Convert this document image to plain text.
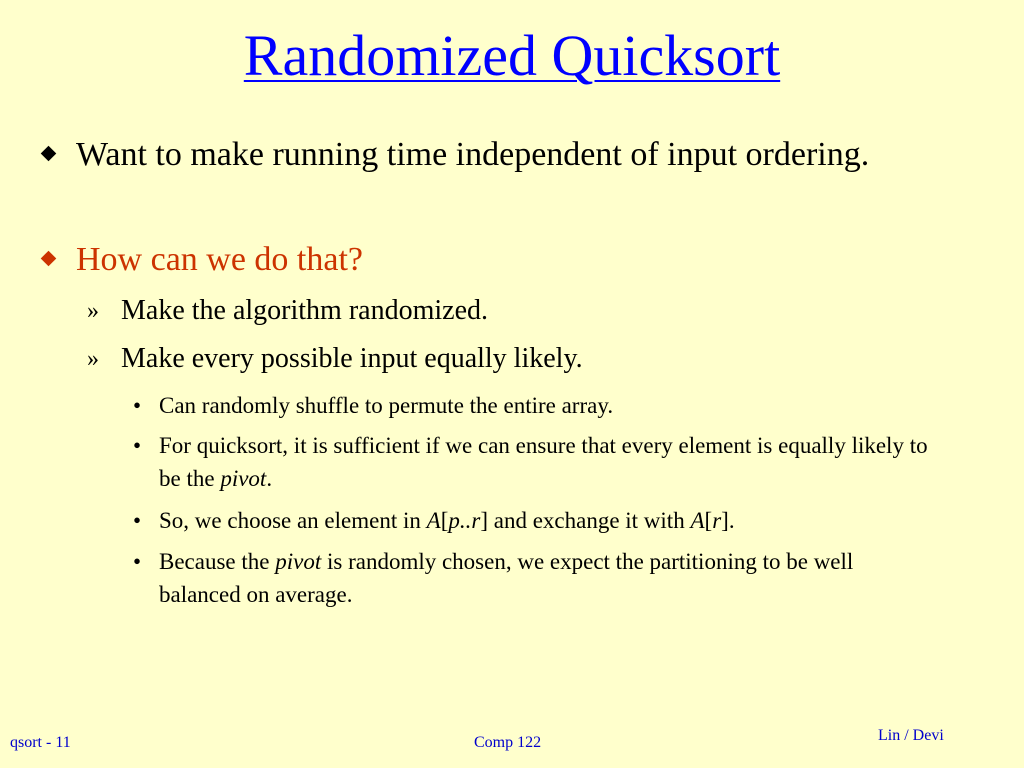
Randomized Quicksort
Want to make running time independent of input ordering.
How can we do that?
» Make the algorithm randomized.
» Make every possible input equally likely.
• Can randomly shuffle to permute the entire array.
• For quicksort, it is sufficient if we can ensure that every element is equally likely to be the pivot.
• So, we choose an element in A[p..r] and exchange it with A[r].
• Because the pivot is randomly chosen, we expect the partitioning to be well balanced on average.
qsort - 11	Comp 122	Lin / Devi
